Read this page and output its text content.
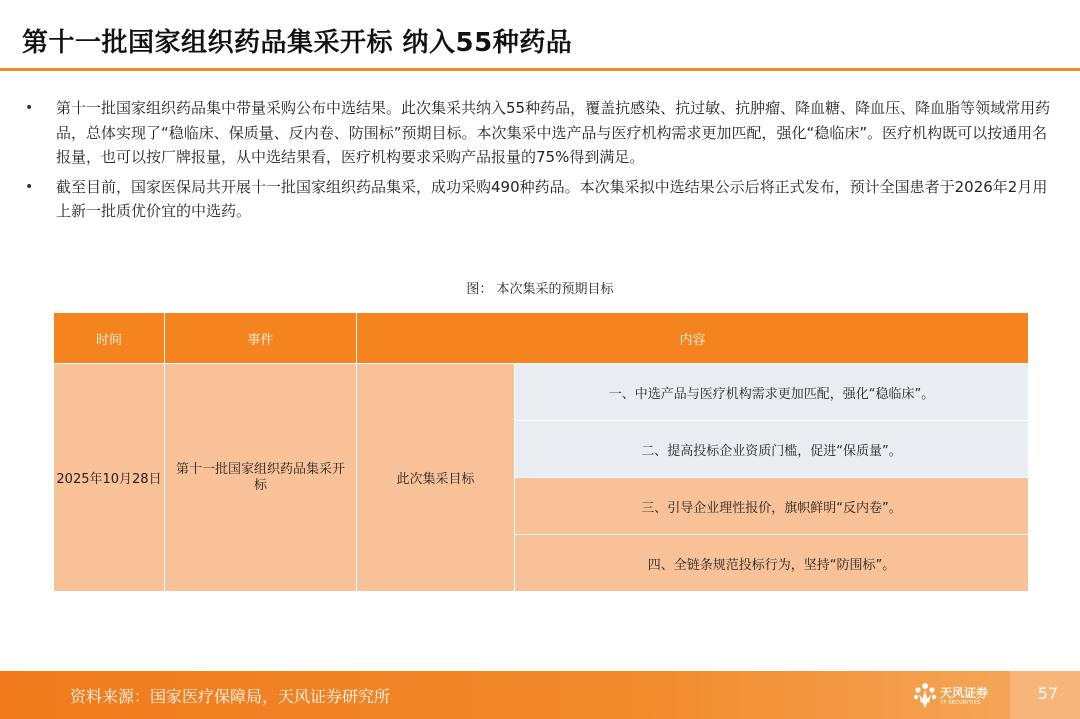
第十一批国家组织药品集采开标 纳入55种药品
• 第十一批国家组织药品集中带量采购公布中选结果。此次集采共纳入55种药品，覆盖抗感染、抗过敏、抗肿瘤、降血糖、降血压、降血脂等领域常用药品，总体实现了“稳临床、保质量、反内卷、防围标”预期目标。本次集采中选产品与医疗机构需求更加匹配，强化“稳临床”。医疗机构既可以按通用名报量，也可以按厂牌报量，从中选结果看，医疗机构要求采购产品报量的75%得到满足。
• 截至目前，国家医保局共开展十一批国家组织药品集采，成功采购490种药品。本次集采拟中选结果公示后将正式发布，预计全国患者于2026年2月用上新一批质优价宜的中选药。
图： 本次集采的预期目标
时间	事件	内容	
2025年10月28日	第十一批国家组织药品集采开标	此次集采目标	一、中选产品与医疗机构需求更加匹配，强化“稳临床”。
			二、提高投标企业资质门槛，促进“保质量”。
			三、引导企业理性报价，旗帜鲜明“反内卷”。
			四、全链条规范投标行为，坚持“防围标”。
资料来源：国家医疗保障局，天风证券研究所	天风证券
TF SECURITIES	57
